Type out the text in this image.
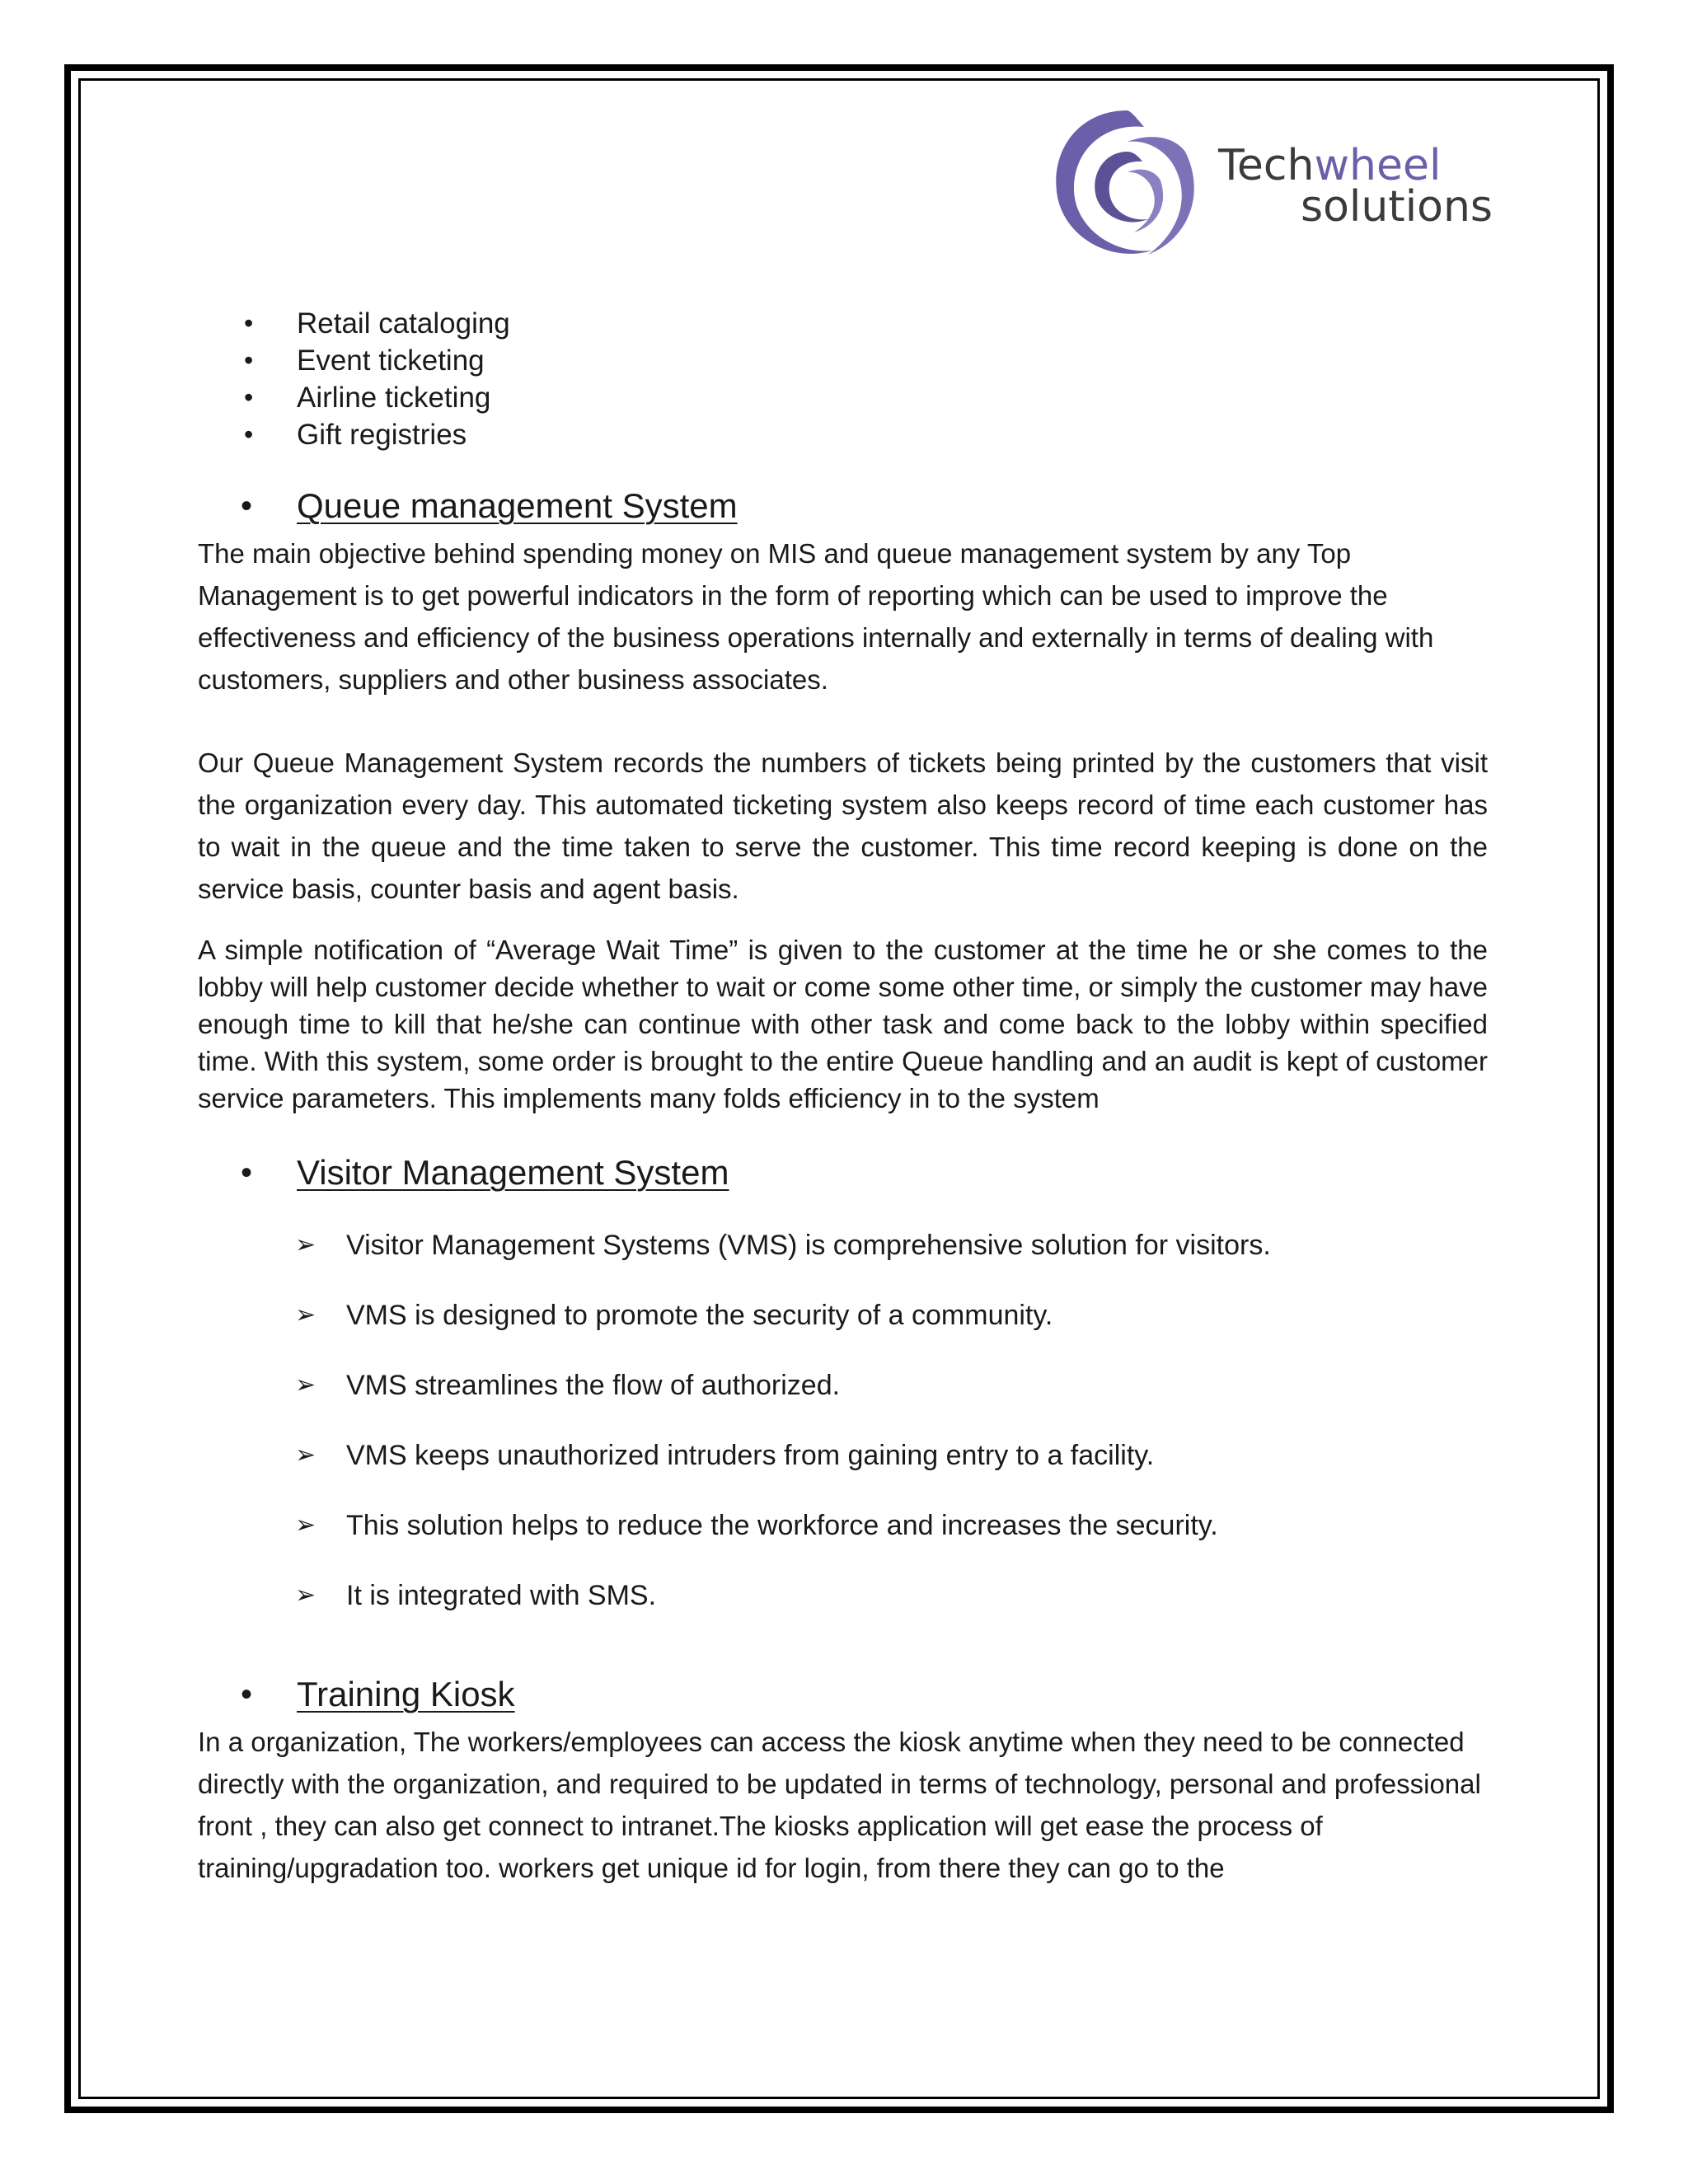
Techwheel
solutions
• Retail cataloging
• Event ticketing
• Airline ticketing
• Gift registries
• Queue management System

The main objective behind spending money on MIS and queue management system by any Top Management is to get powerful indicators in the form of reporting which can be used to improve the effectiveness and efficiency of the business operations internally and externally in terms of dealing with customers, suppliers and other business associates.

Our Queue Management System records the numbers of tickets being printed by the customers that visit the organization every day. This automated ticketing system also keeps record of time each customer has to wait in the queue and the time taken to serve the customer. This time record keeping is done on the service basis, counter basis and agent basis.

A simple notification of “Average Wait Time” is given to the customer at the time he or she comes to the lobby will help customer decide whether to wait or come some other time, or simply the customer may have enough time to kill that he/she can continue with other task and come back to the lobby within specified time. With this system, some order is brought to the entire Queue handling and an audit is kept of customer service parameters. This implements many folds efficiency in to the system

• Visitor Management System
➢ Visitor Management Systems (VMS) is comprehensive solution for visitors.
➢ VMS is designed to promote the security of a community.
➢ VMS streamlines the flow of authorized.
➢ VMS keeps unauthorized intruders from gaining entry to a facility.
➢ This solution helps to reduce the workforce and increases the security.
➢ It is integrated with SMS.
• Training Kiosk

In a organization, The workers/employees can access the kiosk anytime when they need to be connected directly with the organization, and required to be updated in terms of technology, personal and professional front , they can also get connect to intranet.The kiosks application will get ease the process of training/upgradation too. workers get unique id for login, from there they can go to the
